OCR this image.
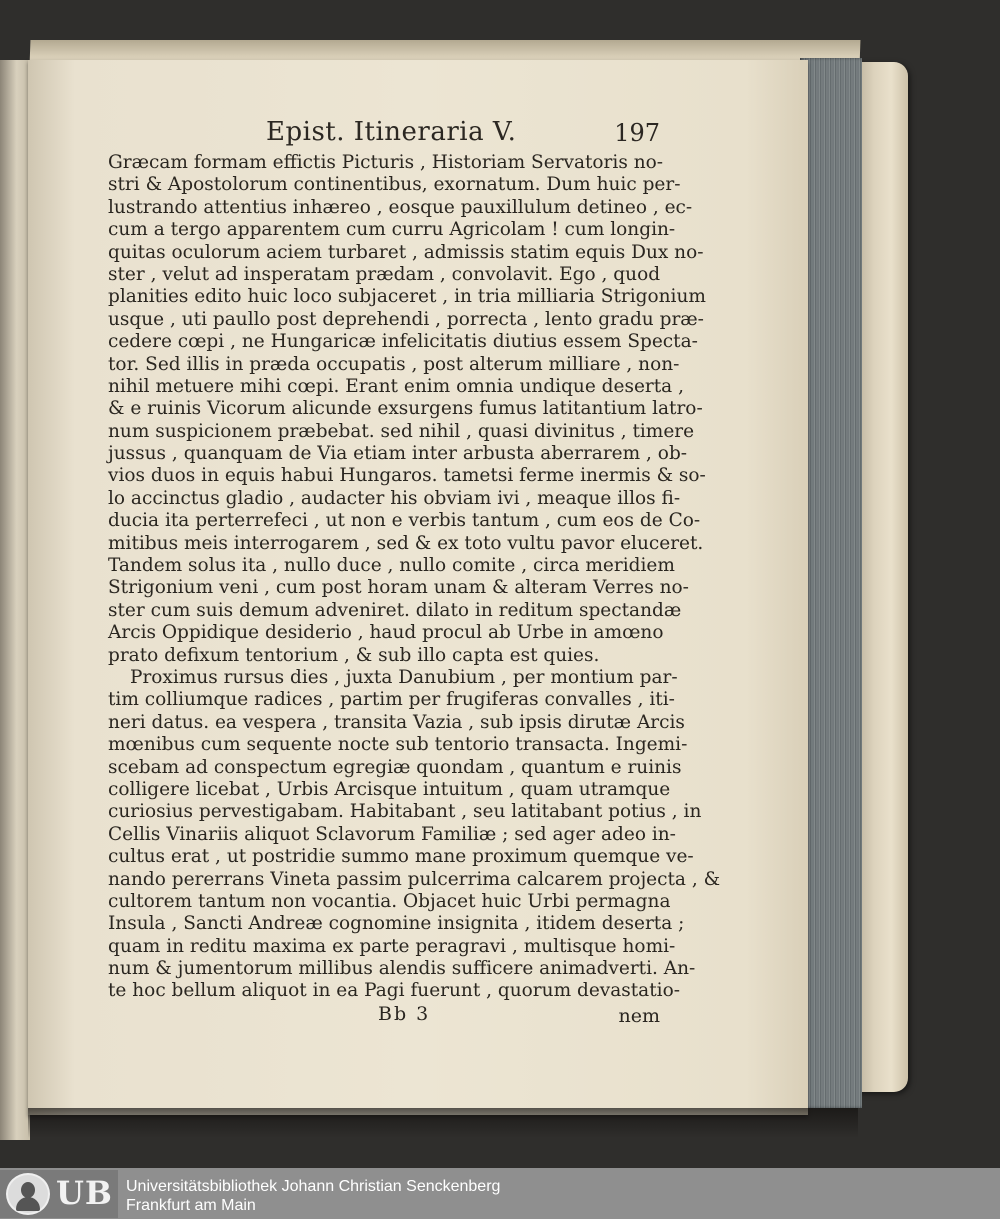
Epist. Itineraria V.	197
Græcam formam effictis Picturis , Historiam Servatoris no-
stri & Apostolorum continentibus, exornatum. Dum huic per-
lustrando attentius inhæreo , eosque pauxillulum detineo , ec-
cum a tergo apparentem cum curru Agricolam ! cum longin-
quitas oculorum aciem turbaret , admissis statim equis Dux no-
ster , velut ad insperatam prædam , convolavit. Ego , quod
planities edito huic loco subjaceret , in tria milliaria Strigonium
usque , uti paullo post deprehendi , porrecta , lento gradu præ-
cedere cœpi , ne Hungaricæ infelicitatis diutius essem Specta-
tor. Sed illis in præda occupatis , post alterum milliare , non-
nihil metuere mihi cœpi. Erant enim omnia undique deserta ,
& e ruinis Vicorum alicunde exsurgens fumus latitantium latro-
num suspicionem præbebat. sed nihil , quasi divinitus , timere
jussus , quanquam de Via etiam inter arbusta aberrarem , ob-
vios duos in equis habui Hungaros. tametsi ferme inermis & so-
lo accinctus gladio , audacter his obviam ivi , meaque illos fi-
ducia ita perterrefeci , ut non e verbis tantum , cum eos de Co-
mitibus meis interrogarem , sed & ex toto vultu pavor eluceret.
Tandem solus ita , nullo duce , nullo comite , circa meridiem
Strigonium veni , cum post horam unam & alteram Verres no-
ster cum suis demum adveniret. dilato in reditum spectandæ
Arcis Oppidique desiderio , haud procul ab Urbe in amœno
prato defixum tentorium , & sub illo capta est quies.
Proximus rursus dies , juxta Danubium , per montium par-
tim colliumque radices , partim per frugiferas convalles , iti-
neri datus. ea vespera , transita Vazia , sub ipsis dirutæ Arcis
mœnibus cum sequente nocte sub tentorio transacta. Ingemi-
scebam ad conspectum egregiæ quondam , quantum e ruinis
colligere licebat , Urbis Arcisque intuitum , quam utramque
curiosius pervestigabam. Habitabant , seu latitabant potius , in
Cellis Vinariis aliquot Sclavorum Familiæ ; sed ager adeo in-
cultus erat , ut postridie summo mane proximum quemque ve-
nando pererrans Vineta passim pulcerrima calcarem projecta , &
cultorem tantum non vocantia. Objacet huic Urbi permagna
Insula , Sancti Andreæ cognomine insignita , itidem deserta ;
quam in reditu maxima ex parte peragravi , multisque homi-
num & jumentorum millibus alendis sufficere animadverti. An-
te hoc bellum aliquot in ea Pagi fuerunt , quorum devastatio-
Bb 3	nem
UB Universitätsbibliothek Johann Christian Senckenberg
Frankfurt am Main
